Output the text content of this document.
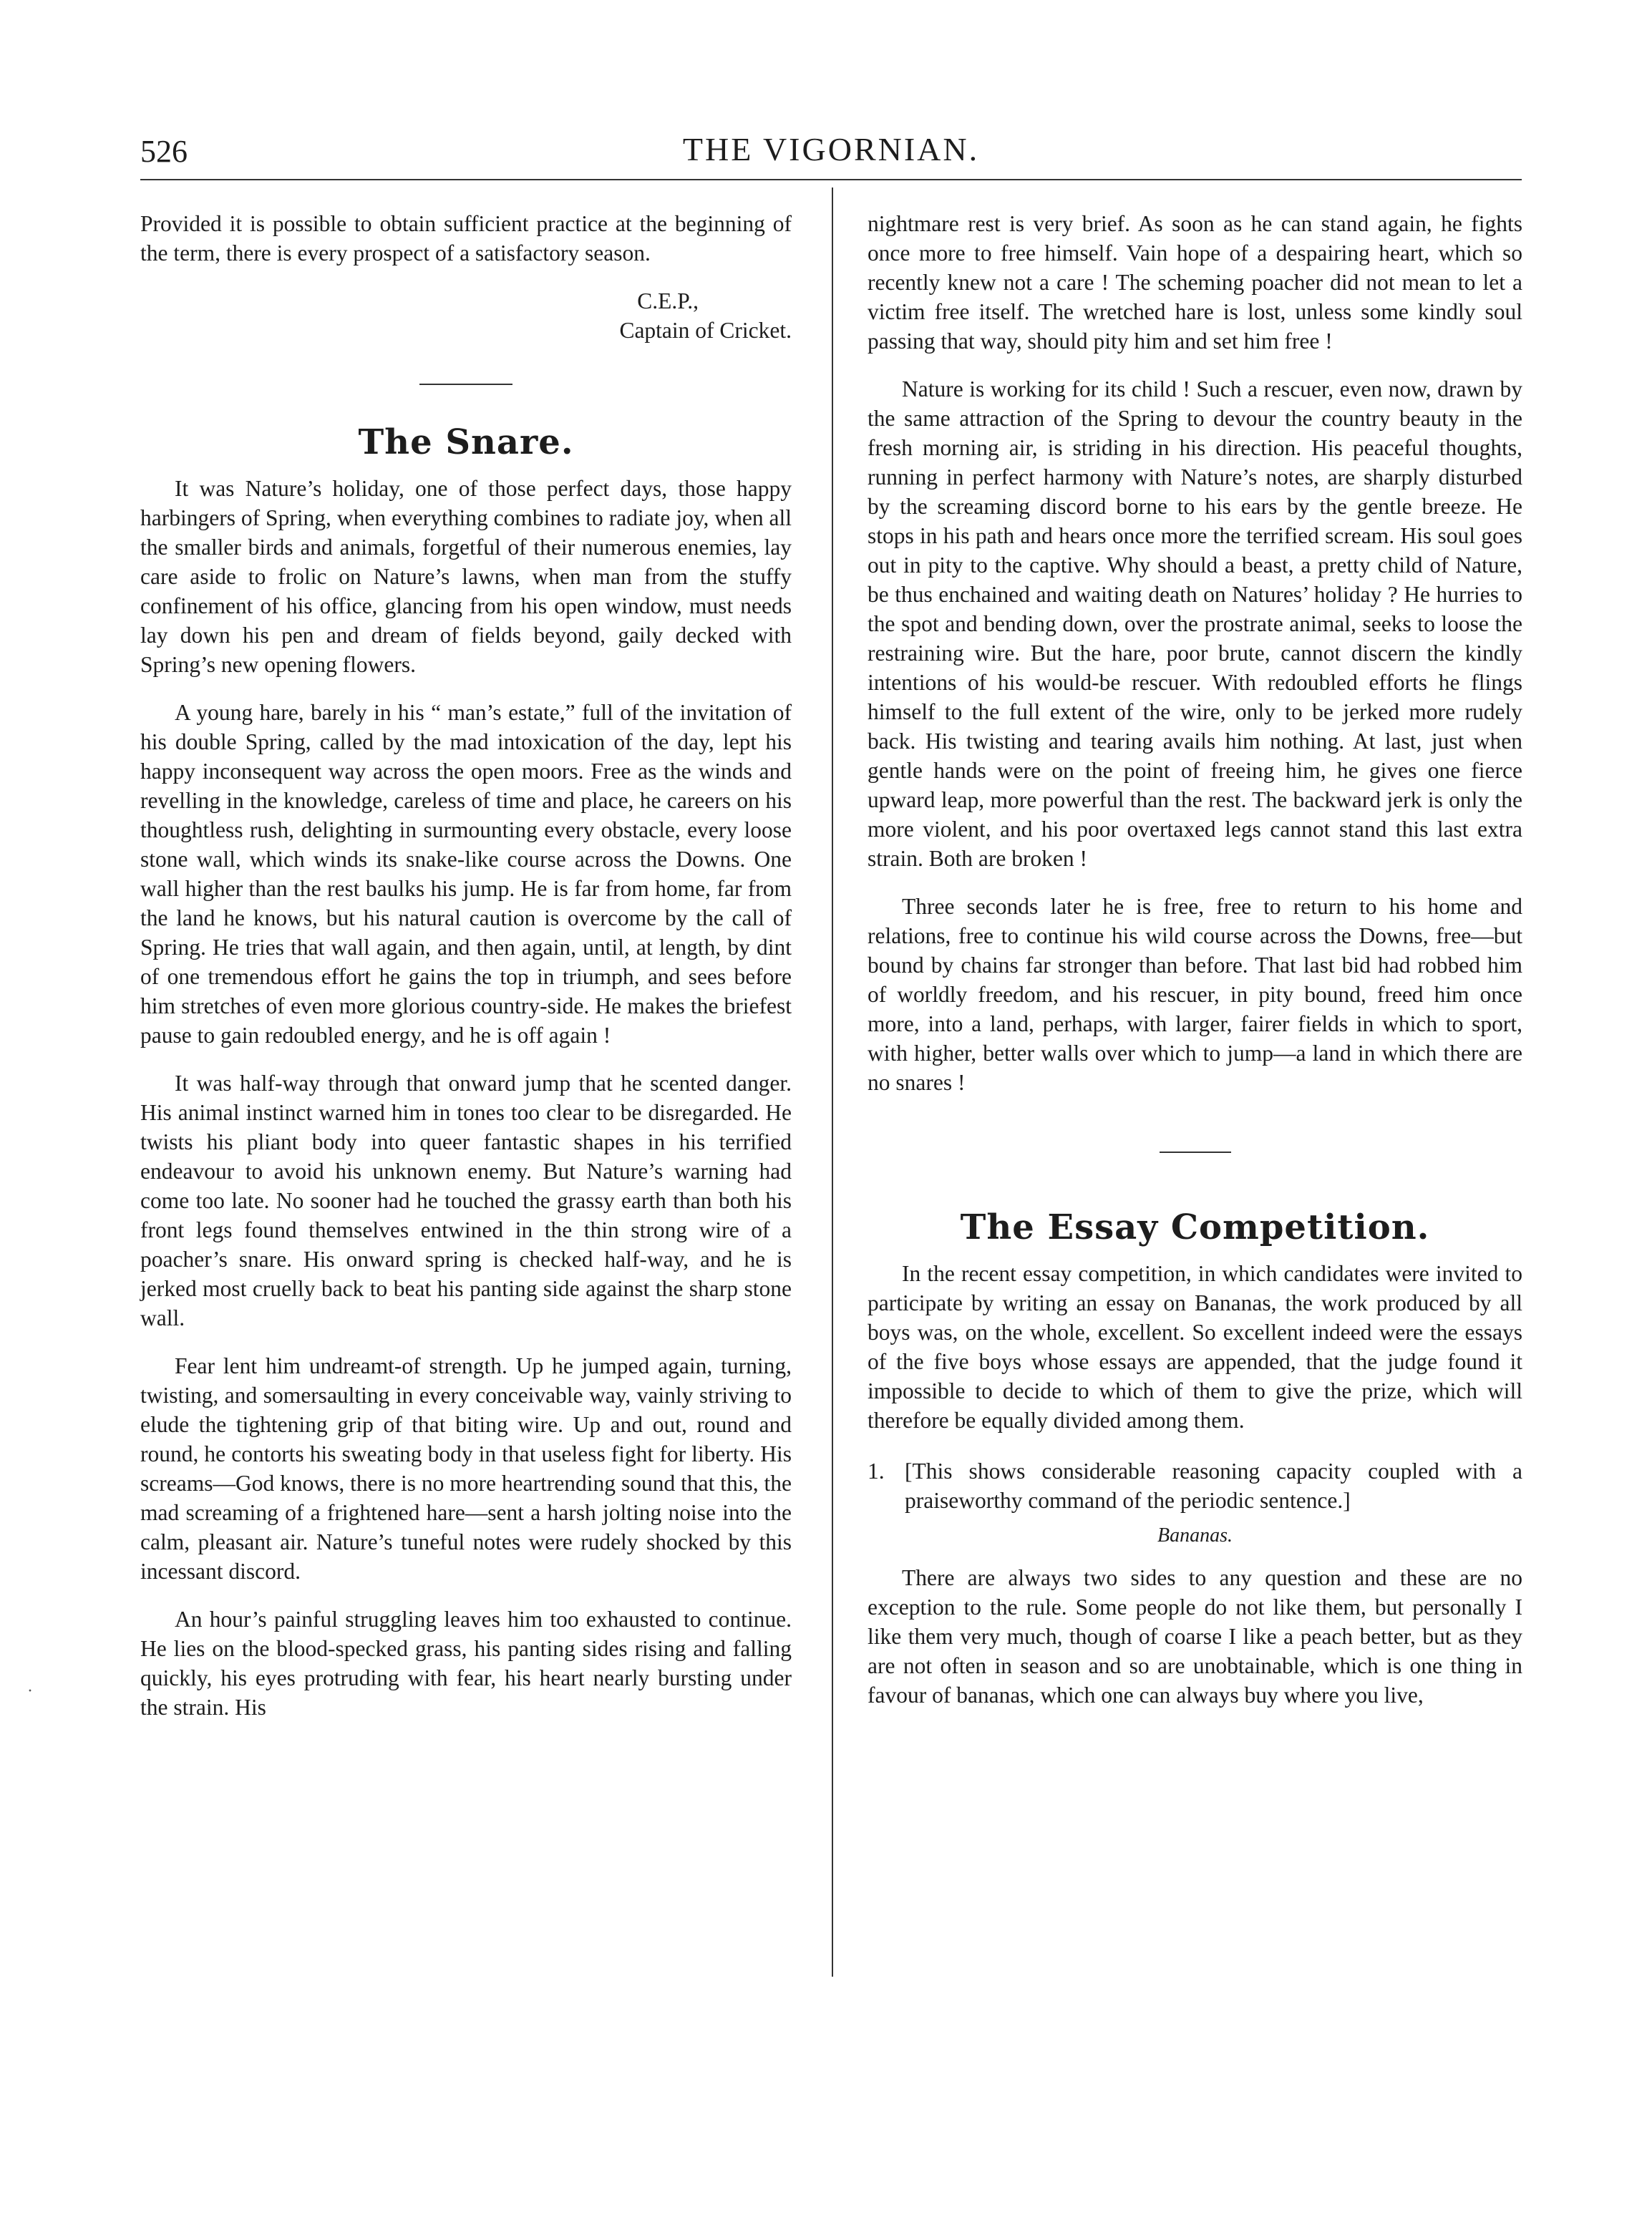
526	THE VIGORNIAN.
·

Provided it is possible to obtain sufficient practice at the beginning of the term, there is every prospect of a satisfactory season.

C.E.P.,
Captain of Cricket.
The Snare.

It was Nature’s holiday, one of those perfect days, those happy harbingers of Spring, when everything combines to radiate joy, when all the smaller birds and animals, forgetful of their numerous enemies, lay care aside to frolic on Nature’s lawns, when man from the stuffy confinement of his office, glancing from his open window, must needs lay down his pen and dream of fields beyond, gaily decked with Spring’s new opening flowers.

A young hare, barely in his “ man’s estate,” full of the invitation of his double Spring, called by the mad intoxication of the day, lept his happy inconsequent way across the open moors. Free as the winds and revelling in the knowledge, careless of time and place, he careers on his thoughtless rush, delighting in surmounting every obstacle, every loose stone wall, which winds its snake-like course across the Downs. One wall higher than the rest baulks his jump. He is far from home, far from the land he knows, but his natural caution is overcome by the call of Spring. He tries that wall again, and then again, until, at length, by dint of one tremendous effort he gains the top in triumph, and sees before him stretches of even more glorious country-side. He makes the briefest pause to gain redoubled energy, and he is off again !

It was half-way through that onward jump that he scented danger. His animal instinct warned him in tones too clear to be disregarded. He twists his pliant body into queer fantastic shapes in his terrified endeavour to avoid his unknown enemy. But Nature’s warning had come too late. No sooner had he touched the grassy earth than both his front legs found themselves entwined in the thin strong wire of a poacher’s snare. His onward spring is checked half-way, and he is jerked most cruelly back to beat his panting side against the sharp stone wall.

Fear lent him undreamt-of strength. Up he jumped again, turning, twisting, and somersaulting in every conceivable way, vainly striving to elude the tightening grip of that biting wire. Up and out, round and round, he contorts his sweating body in that useless fight for liberty. His screams—God knows, there is no more heartrending sound that this, the mad screaming of a frightened hare—sent a harsh jolting noise into the calm, pleasant air. Nature’s tuneful notes were rudely shocked by this incessant discord.

An hour’s painful struggling leaves him too exhausted to continue. He lies on the blood-specked grass, his panting sides rising and falling quickly, his eyes protruding with fear, his heart nearly bursting under the strain. His

nightmare rest is very brief. As soon as he can stand again, he fights once more to free himself. Vain hope of a despairing heart, which so recently knew not a care ! The scheming poacher did not mean to let a victim free itself. The wretched hare is lost, unless some kindly soul passing that way, should pity him and set him free !

Nature is working for its child ! Such a rescuer, even now, drawn by the same attraction of the Spring to devour the country beauty in the fresh morning air, is striding in his direction. His peaceful thoughts, running in perfect harmony with Nature’s notes, are sharply disturbed by the screaming discord borne to his ears by the gentle breeze. He stops in his path and hears once more the terrified scream. His soul goes out in pity to the captive. Why should a beast, a pretty child of Nature, be thus enchained and waiting death on Natures’ holiday ? He hurries to the spot and bending down, over the prostrate animal, seeks to loose the restraining wire. But the hare, poor brute, cannot discern the kindly intentions of his would-be rescuer. With redoubled efforts he flings himself to the full extent of the wire, only to be jerked more rudely back. His twisting and tearing avails him nothing. At last, just when gentle hands were on the point of freeing him, he gives one fierce upward leap, more powerful than the rest. The backward jerk is only the more violent, and his poor overtaxed legs cannot stand this last extra strain. Both are broken !

Three seconds later he is free, free to return to his home and relations, free to continue his wild course across the Downs, free—but bound by chains far stronger than before. That last bid had robbed him of worldly freedom, and his rescuer, in pity bound, freed him once more, into a land, perhaps, with larger, fairer fields in which to sport, with higher, better walls over which to jump—a land in which there are no snares !

The Essay Competition.

In the recent essay competition, in which candidates were invited to participate by writing an essay on Bananas, the work produced by all boys was, on the whole, excellent. So excellent indeed were the essays of the five boys whose essays are appended, that the judge found it impossible to decide to which of them to give the prize, which will therefore be equally divided among them.

1. [This shows considerable reasoning capacity coupled with a praiseworthy command of the periodic sentence.]
Bananas.

There are always two sides to any question and these are no exception to the rule. Some people do not like them, but personally I like them very much, though of coarse I like a peach better, but as they are not often in season and so are unobtainable, which is one thing in favour of bananas, which one can always buy where you live,
